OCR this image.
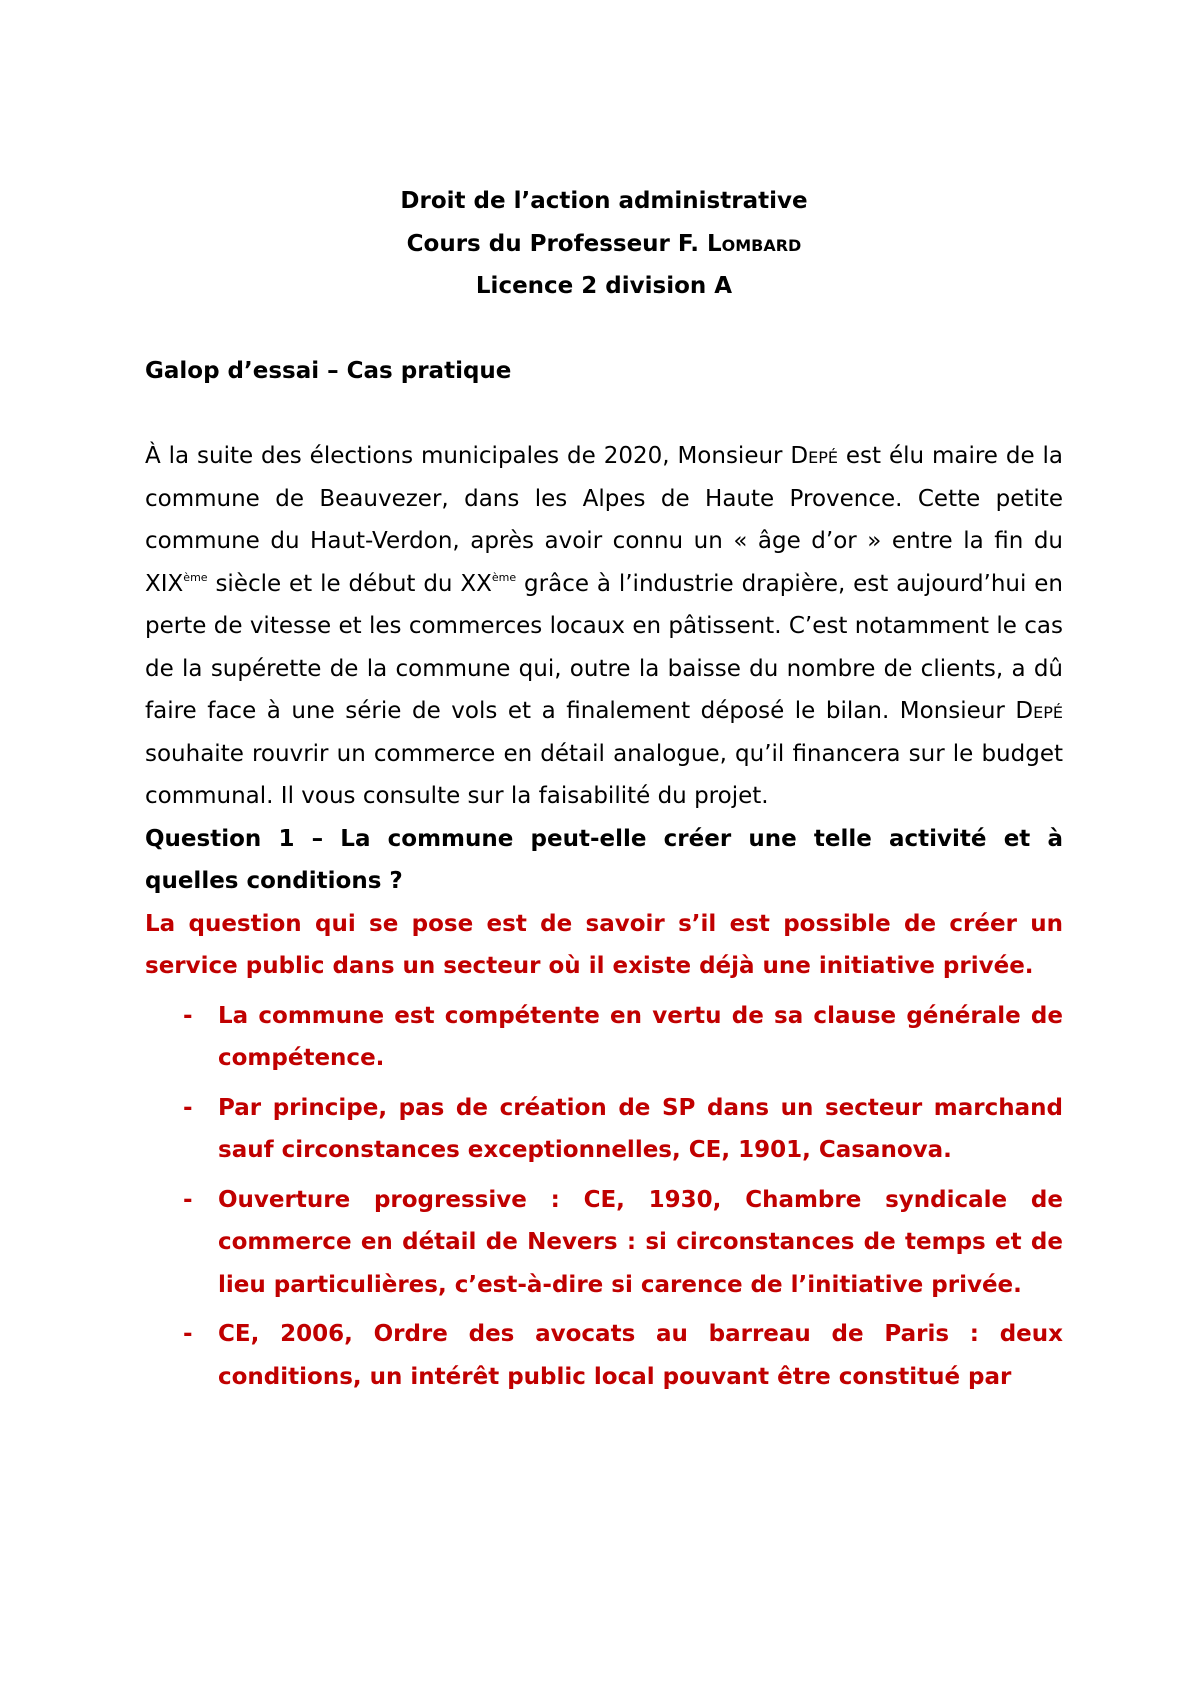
Droit de l’action administrative
Cours du Professeur F. Lombard
Licence 2 division A
Galop d’essai – Cas pratique

À la suite des élections municipales de 2020, Monsieur Depé est élu maire de la commune de Beauvezer, dans les Alpes de Haute Provence. Cette petite commune du Haut-Verdon, après avoir connu un « âge d’or » entre la fin du XIXème siècle et le début du XXème grâce à l’industrie drapière, est aujourd’hui en perte de vitesse et les commerces locaux en pâtissent. C’est notamment le cas de la supérette de la commune qui, outre la baisse du nombre de clients, a dû faire face à une série de vols et a finalement déposé le bilan. Monsieur Depé souhaite rouvrir un commerce en détail analogue, qu’il financera sur le budget communal. Il vous consulte sur la faisabilité du projet.

Question 1 – La commune peut-elle créer une telle activité et à quelles conditions ?

La question qui se pose est de savoir s’il est possible de créer un service public dans un secteur où il existe déjà une initiative privée.

- La commune est compétente en vertu de sa clause générale de compétence.
- Par principe, pas de création de SP dans un secteur marchand sauf circonstances exceptionnelles, CE, 1901, Casanova.
- Ouverture progressive : CE, 1930, Chambre syndicale de commerce en détail de Nevers : si circonstances de temps et de lieu particulières, c’est-à-dire si carence de l’initiative privée.
- CE, 2006, Ordre des avocats au barreau de Paris : deux conditions, un intérêt public local pouvant être constitué par
